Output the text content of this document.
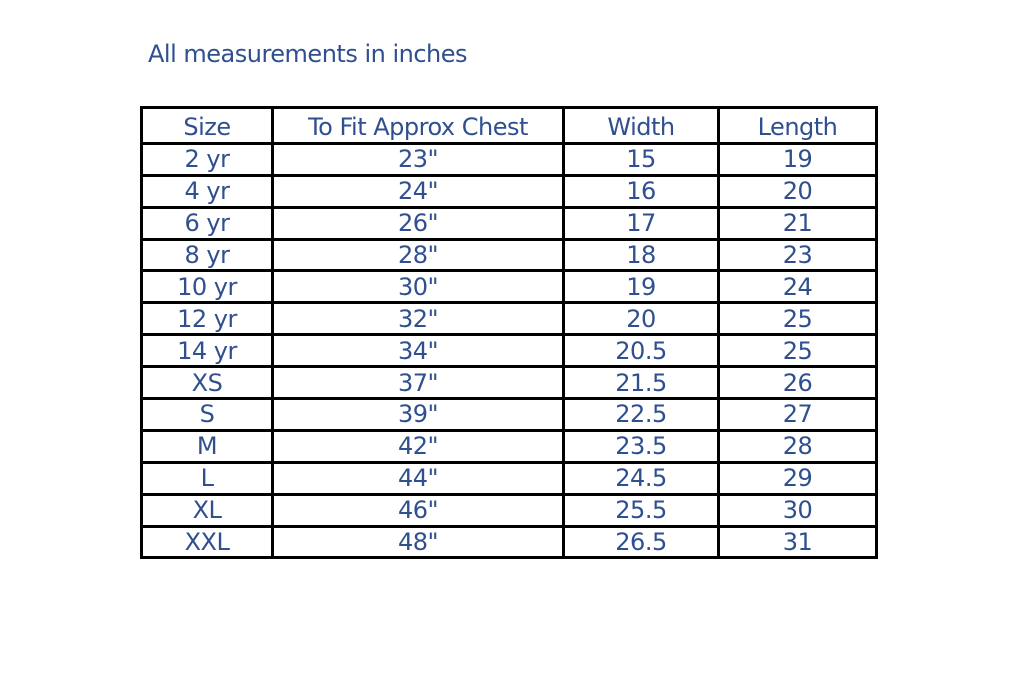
All measurements in inches
Size	To Fit Approx Chest	Width	Length
2 yr	23"	15	19
4 yr	24"	16	20
6 yr	26"	17	21
8 yr	28"	18	23
10 yr	30"	19	24
12 yr	32"	20	25
14 yr	34"	20.5	25
XS	37"	21.5	26
S	39"	22.5	27
M	42"	23.5	28
L	44"	24.5	29
XL	46"	25.5	30
XXL	48"	26.5	31
